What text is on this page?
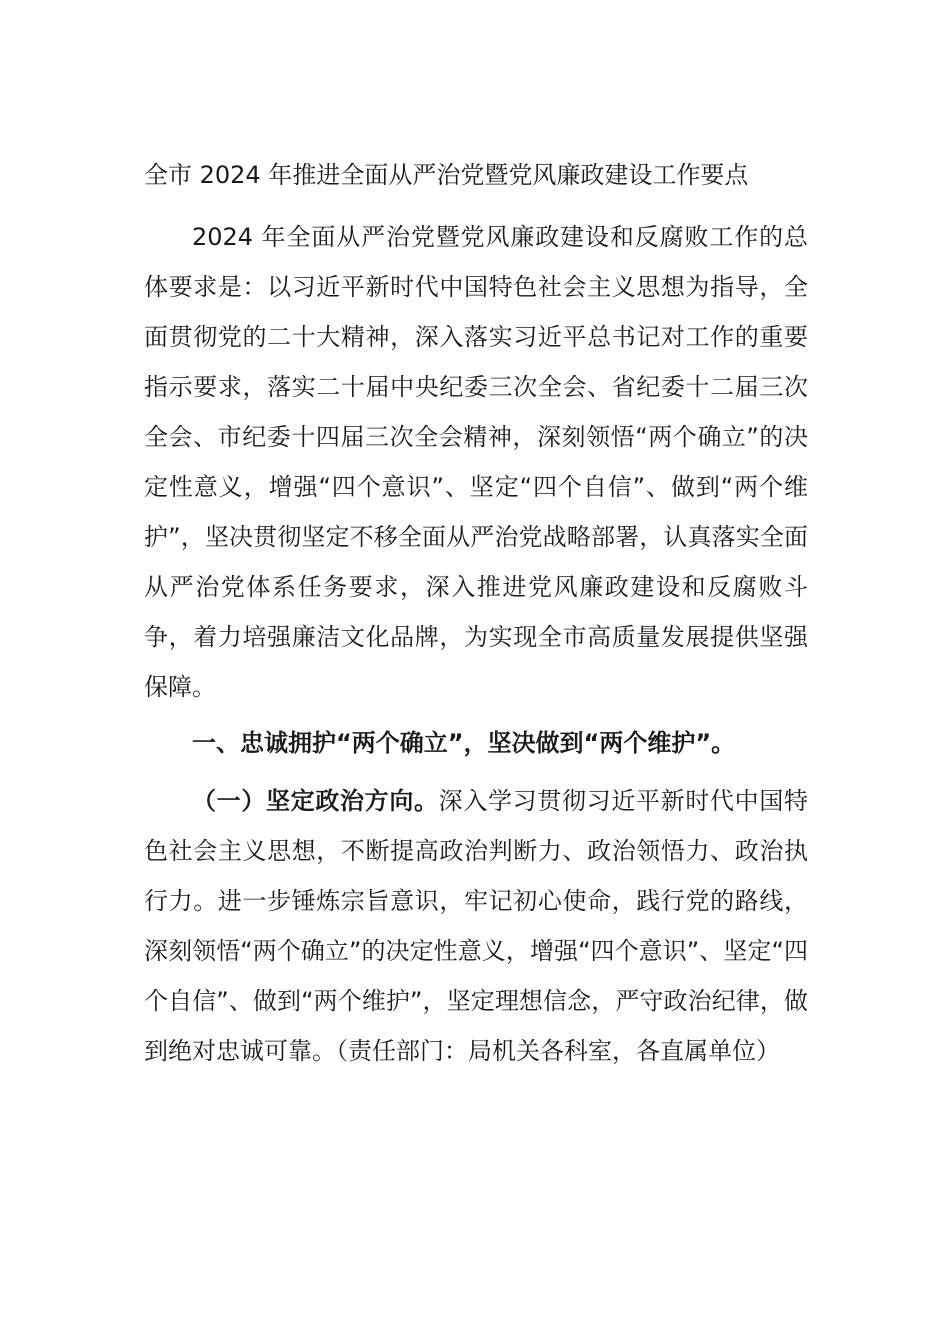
全市 2024 年推进全面从严治党暨党风廉政建设工作要点

2024 年全面从严治党暨党风廉政建设和反腐败工作的总体要求是：以习近平新时代中国特色社会主义思想为指导，全面贯彻党的二十大精神，深入落实习近平总书记对工作的重要指示要求，落实二十届中央纪委三次全会、省纪委十二届三次全会、市纪委十四届三次全会精神，深刻领悟“两个确立”的决定性意义，增强“四个意识”、坚定“四个自信”、做到“两个维护”，坚决贯彻坚定不移全面从严治党战略部署，认真落实全面从严治党体系任务要求，深入推进党风廉政建设和反腐败斗争，着力培强廉洁文化品牌，为实现全市高质量发展提供坚强保障。

一、忠诚拥护“两个确立”，坚决做到“两个维护”。

（一）坚定政治方向。深入学习贯彻习近平新时代中国特色社会主义思想，不断提高政治判断力、政治领悟力、政治执行力。进一步锤炼宗旨意识，牢记初心使命，践行党的路线，深刻领悟“两个确立”的决定性意义，增强“四个意识”、坚定“四个自信”、做到“两个维护”，坚定理想信念，严守政治纪律，做到绝对忠诚可靠。（责任部门：局机关各科室，各直属单位）
